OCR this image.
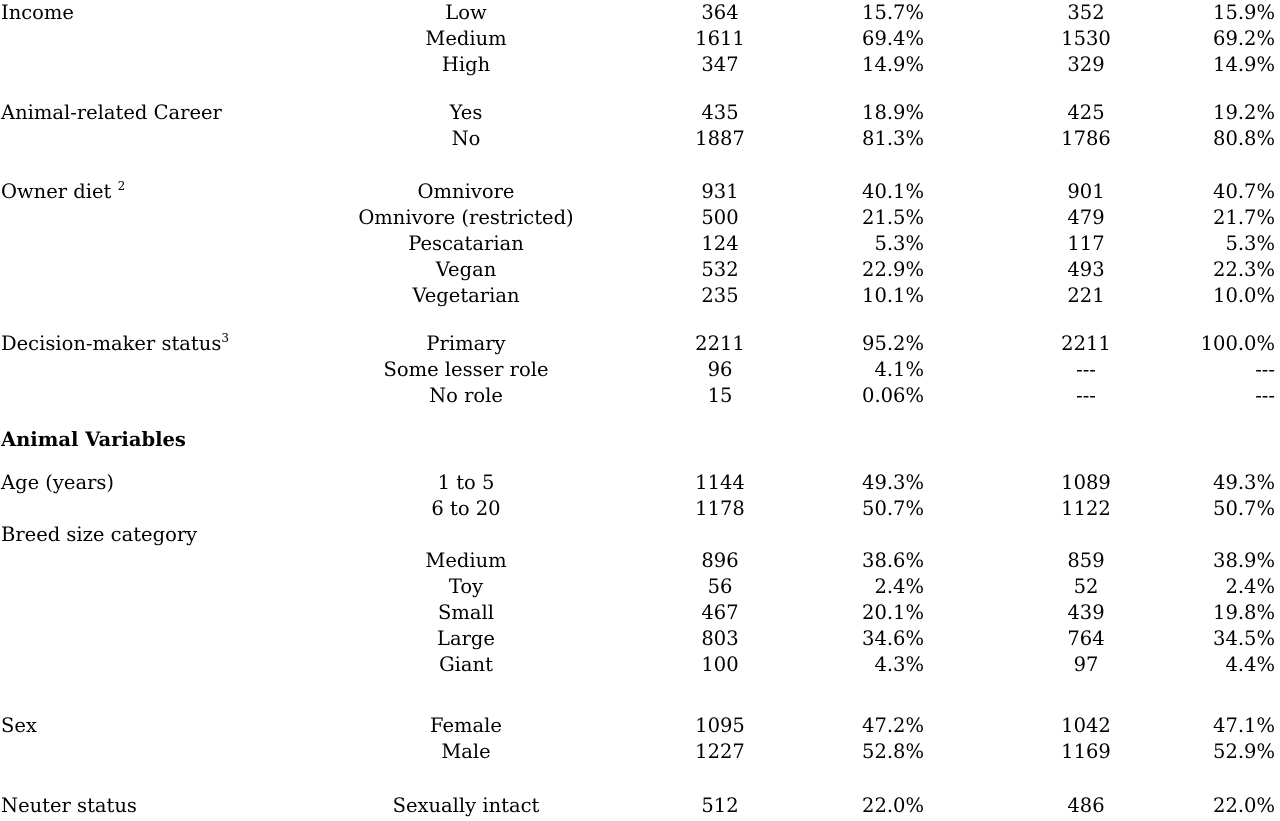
Income	Low	364	15.7%	352	15.9%
Medium	1611	69.4%	1530	69.2%
High	347	14.9%	329	14.9%
Animal-related Career	Yes	435	18.9%	425	19.2%
No	1887	81.3%	1786	80.8%
Owner diet $^2$	Omnivore	931	40.1%	901	40.7%
Omnivore (restricted)	500	21.5%	479	21.7%
Pescatarian	124	5.3%	117	5.3%
Vegan	532	22.9%	493	22.3%
Vegetarian	235	10.1%	221	10.0%
Decision-maker status$^3$	Primary	2211	95.2%	2211	100.0%
Some lesser role	96	4.1%	---	---
No role	15	0.06%	---	---
Animal Variables
Age (years)	1 to 5	1144	49.3%	1089	49.3%
6 to 20	1178	50.7%	1122	50.7%
Breed size category
Medium	896	38.6%	859	38.9%
Toy	56	2.4%	52	2.4%
Small	467	20.1%	439	19.8%
Large	803	34.6%	764	34.5%
Giant	100	4.3%	97	4.4%
Sex	Female	1095	47.2%	1042	47.1%
Male	1227	52.8%	1169	52.9%
Neuter status	Sexually intact	512	22.0%	486	22.0%
